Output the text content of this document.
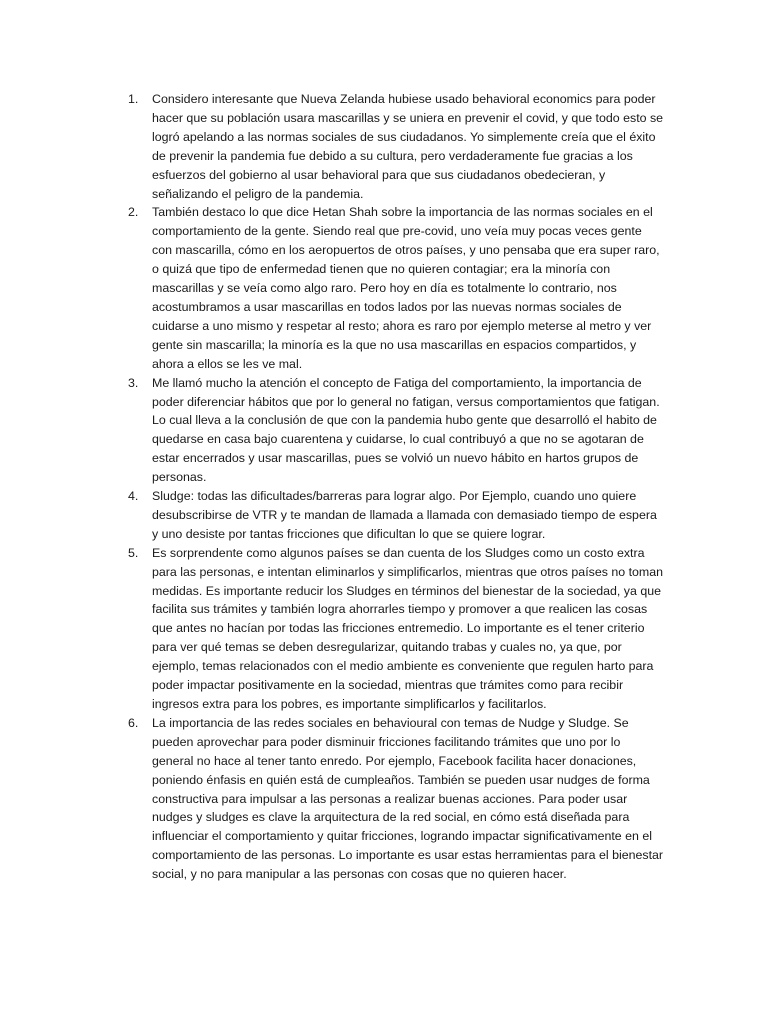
1. Considero interesante que Nueva Zelanda hubiese usado behavioral economics para poder hacer que su población usara mascarillas y se uniera en prevenir el covid, y que todo esto se logró apelando a las normas sociales de sus ciudadanos. Yo simplemente creía que el éxito de prevenir la pandemia fue debido a su cultura, pero verdaderamente fue gracias a los esfuerzos del gobierno al usar behavioral para que sus ciudadanos obedecieran, y señalizando el peligro de la pandemia.
2. También destaco lo que dice Hetan Shah sobre la importancia de las normas sociales en el comportamiento de la gente. Siendo real que pre-covid, uno veía muy pocas veces gente con mascarilla, cómo en los aeropuertos de otros países, y uno pensaba que era super raro, o quizá que tipo de enfermedad tienen que no quieren contagiar; era la minoría con mascarillas y se veía como algo raro. Pero hoy en día es totalmente lo contrario, nos acostumbramos a usar mascarillas en todos lados por las nuevas normas sociales de cuidarse a uno mismo y respetar al resto; ahora es raro por ejemplo meterse al metro y ver gente sin mascarilla; la minoría es la que no usa mascarillas en espacios compartidos, y ahora a ellos se les ve mal.
3. Me llamó mucho la atención el concepto de Fatiga del comportamiento, la importancia de poder diferenciar hábitos que por lo general no fatigan, versus comportamientos que fatigan. Lo cual lleva a la conclusión de que con la pandemia hubo gente que desarrolló el habito de quedarse en casa bajo cuarentena y cuidarse, lo cual contribuyó a que no se agotaran de estar encerrados y usar mascarillas, pues se volvió un nuevo hábito en hartos grupos de personas.
4. Sludge: todas las dificultades/barreras para lograr algo. Por Ejemplo, cuando uno quiere desubscribirse de VTR y te mandan de llamada a llamada con demasiado tiempo de espera y uno desiste por tantas fricciones que dificultan lo que se quiere lograr.
5. Es sorprendente como algunos países se dan cuenta de los Sludges como un costo extra para las personas, e intentan eliminarlos y simplificarlos, mientras que otros países no toman medidas. Es importante reducir los Sludges en términos del bienestar de la sociedad, ya que facilita sus trámites y también logra ahorrarles tiempo y promover a que realicen las cosas que antes no hacían por todas las fricciones entremedio. Lo importante es el tener criterio para ver qué temas se deben desregularizar, quitando trabas y cuales no, ya que, por ejemplo, temas relacionados con el medio ambiente es conveniente que regulen harto para poder impactar positivamente en la sociedad, mientras que trámites como para recibir ingresos extra para los pobres, es importante simplificarlos y facilitarlos.
6. La importancia de las redes sociales en behavioural con temas de Nudge y Sludge. Se pueden aprovechar para poder disminuir fricciones facilitando trámites que uno por lo general no hace al tener tanto enredo. Por ejemplo, Facebook facilita hacer donaciones, poniendo énfasis en quién está de cumpleaños. También se pueden usar nudges de forma constructiva para impulsar a las personas a realizar buenas acciones. Para poder usar nudges y sludges es clave la arquitectura de la red social, en cómo está diseñada para influenciar el comportamiento y quitar fricciones, logrando impactar significativamente en el comportamiento de las personas. Lo importante es usar estas herramientas para el bienestar social, y no para manipular a las personas con cosas que no quieren hacer.
